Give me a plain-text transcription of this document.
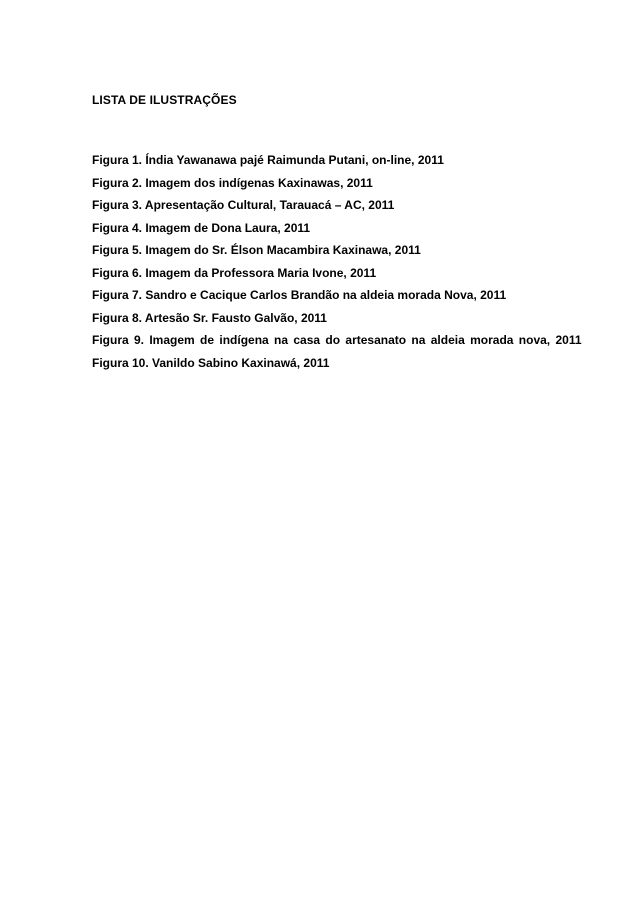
LISTA DE ILUSTRAÇÕES
Figura 1. Índia Yawanawa pajé Raimunda Putani, on-line, 2011
Figura 2. Imagem dos indígenas Kaxinawas, 2011
Figura 3. Apresentação Cultural, Tarauacá – AC, 2011
Figura 4. Imagem de Dona Laura, 2011
Figura 5. Imagem do Sr. Élson Macambira Kaxinawa, 2011
Figura 6. Imagem da Professora Maria Ivone, 2011
Figura 7. Sandro e Cacique Carlos Brandão na aldeia morada Nova, 2011
Figura 8. Artesão Sr. Fausto Galvão, 2011
Figura 9. Imagem de indígena na casa do artesanato na aldeia morada nova, 2011
Figura 10. Vanildo Sabino Kaxinawá, 2011
